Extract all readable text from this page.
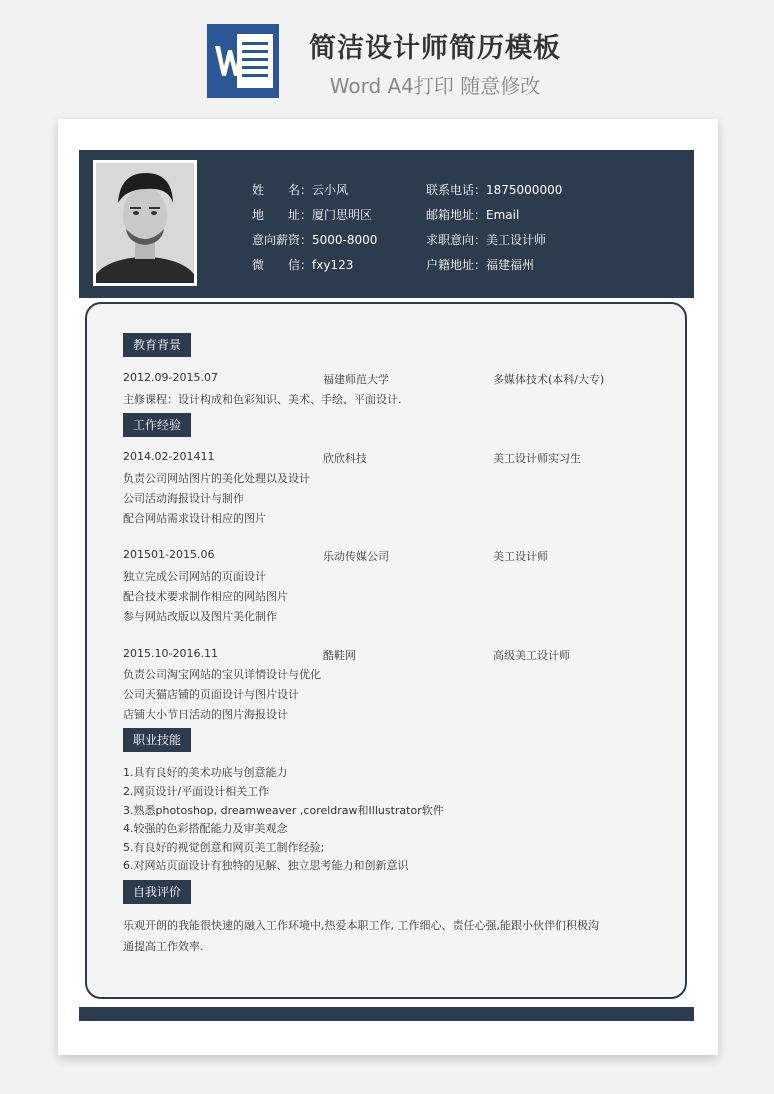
简洁设计师简历模板
Word A4打印 随意修改
姓　　名：云小风	联系电话：1875000000
地　　址：厦门思明区	邮箱地址：Email
意向薪资：5000-8000	求职意向：美工设计师
微　　信：fxy123	户籍地址：福建福州
教育背景
2012.09-2015.07	福建师范大学	多媒体技术(本科/大专)
主修课程：设计构成和色彩知识、美术、手绘、平面设计.
工作经验
2014.02-201411	欣欣科技	美工设计师实习生
负责公司网站图片的美化处理以及设计
公司活动海报设计与制作
配合网站需求设计相应的图片
201501-2015.06	乐动传媒公司	美工设计师
独立完成公司网站的页面设计
配合技术要求制作相应的网站图片
参与网站改版以及图片美化制作
2015.10-2016.11	酷鞋网	高级美工设计师
负责公司淘宝网站的宝贝详情设计与优化
公司天猫店铺的页面设计与图片设计
店铺大小节日活动的图片海报设计
职业技能
1.具有良好的美术功底与创意能力
2.网页设计/平面设计相关工作
3.熟悉photoshop, dreamweaver ,coreldraw和Illustrator软件
4.较强的色彩搭配能力及审美观念
5.有良好的视觉创意和网页美工制作经验;
6.对网站页面设计有独特的见解、独立思考能力和创新意识
自我评价
乐观开朗的我能很快速的融入工作环境中,热爱本职工作, 工作细心、责任心强,能跟小伙伴们积极沟
通提高工作效率.
